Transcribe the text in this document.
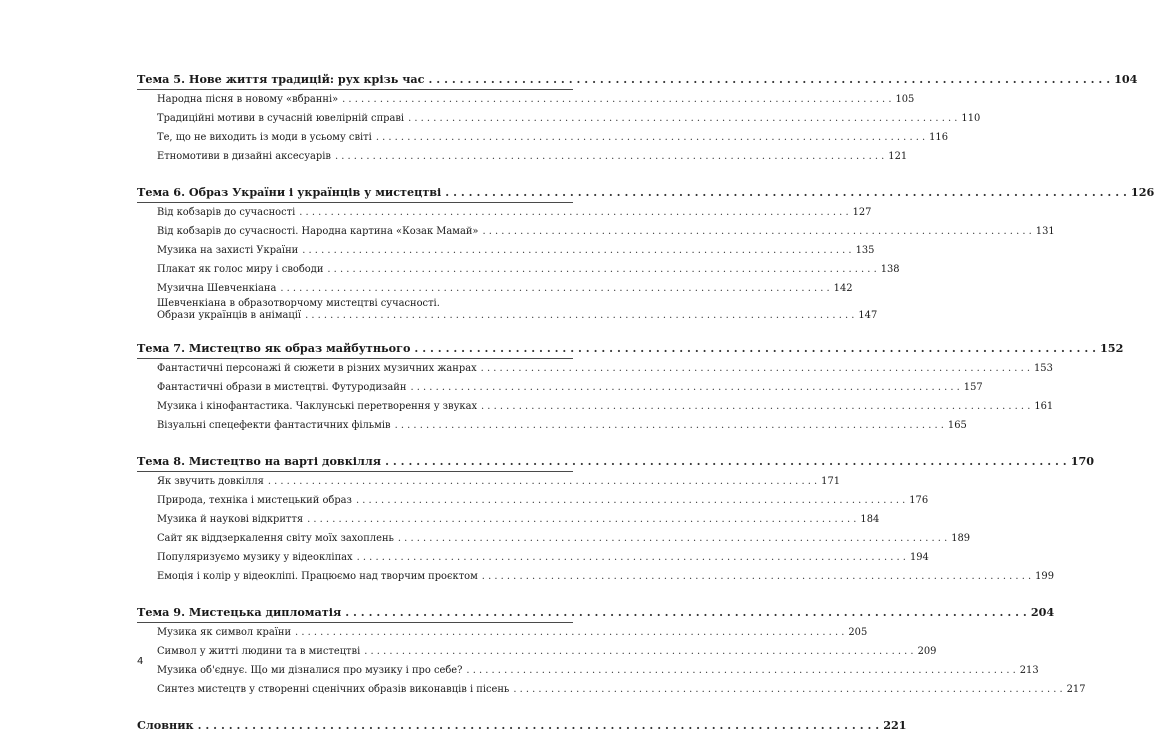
Тема 5. Нове життя традицій: рух крізь час . . .	104
Народна пісня в новому «вбранні» . . .	105
Традиційні мотиви в сучасній ювелірній справі . . .	110
Те, що не виходить із моди в усьому світі . . .	116
Етномотиви в дизайні аксесуарів . . .	121
Тема 6. Образ України і українців у мистецтві . . .	126
Від кобзарів до сучасності . . .	127
Від кобзарів до сучасності. Народна картина «Козак Мамай» . . .	131
Музика на захисті України . . .	135
Плакат як голос миру і свободи . . .	138
Музична Шевченкіана . . .	142
Шевченкіана в образотворчому мистецтві сучасності.
Образи українців в анімації . . .	147
Тема 7. Мистецтво як образ майбутнього . . .	152
Фантастичні персонажі й сюжети в різних музичних жанрах . . .	153
Фантастичні образи в мистецтві. Футуродизайн . . .	157
Музика і кінофантастика. Чаклунські перетворення у звуках . . .	161
Візуальні спецефекти фантастичних фільмів . . .	165
Тема 8. Мистецтво на варті довкілля . . .	170
Як звучить довкілля . . .	171
Природа, техніка і мистецький образ . . .	176
Музика й наукові відкриття . . .	184
Сайт як віддзеркалення світу моїх захоплень . . .	189
Популяризуємо музику у відеокліпах . . .	194
Емоція і колір у відеокліпі. Працюємо над творчим проєктом . . .	199
Тема 9. Мистецька дипломатія . . .	204
Музика як символ країни . . .	205
Символ у житті людини та в мистецтві . . .	209
Музика об'єднує. Що ми дізналися про музику і про себе? . . .	213
Синтез мистецтв у створенні сценічних образів виконавців і пісень . . .	217
Словник . . .	221
4
